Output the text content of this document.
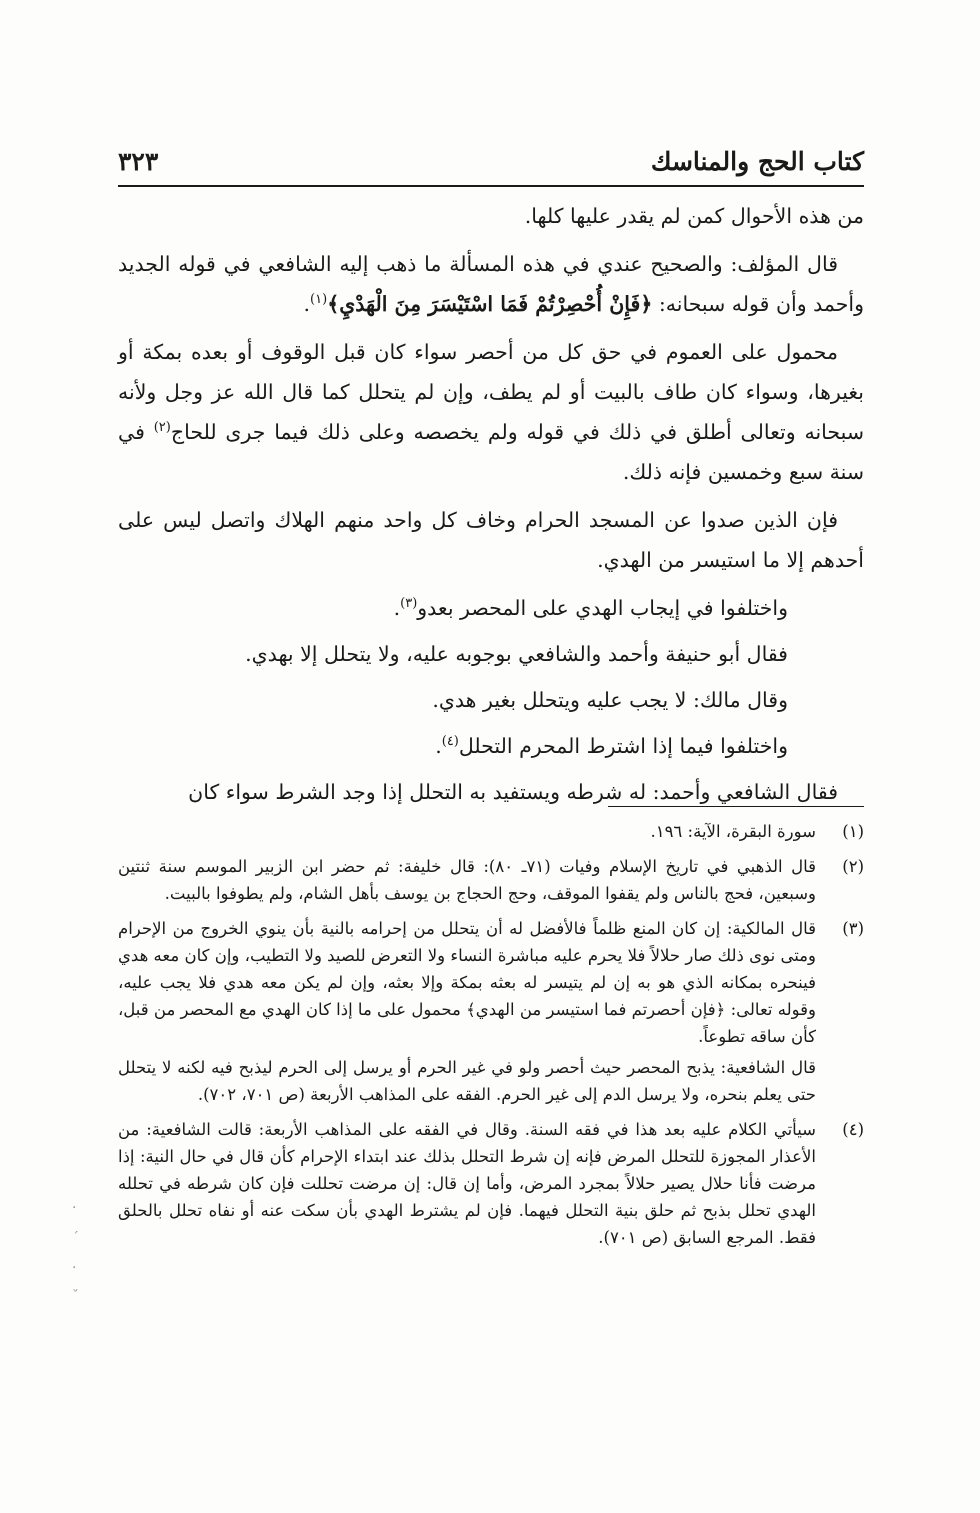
كتاب الحج والمناسك
٣٢٣

من هذه الأحوال كمن لم يقدر عليها كلها.

قال المؤلف: والصحيح عندي في هذه المسألة ما ذهب إليه الشافعي في قوله الجديد وأحمد وأن قوله سبحانه: ﴿فَإِنْ أُحْصِرْتُمْ فَمَا اسْتَيْسَرَ مِنَ الْهَدْيِ﴾$^{(١)}$.

محمول على العموم في حق كل من أحصر سواء كان قبل الوقوف أو بعده بمكة أو بغيرها، وسواء كان طاف بالبيت أو لم يطف، وإن لم يتحلل كما قال الله عز وجل ولأنه سبحانه وتعالى أطلق في ذلك في قوله ولم يخصصه وعلى ذلك فيما جرى للحاج$^{(٢)}$ في سنة سبع وخمسين فإنه ذلك.

فإن الذين صدوا عن المسجد الحرام وخاف كل واحد منهم الهلاك واتصل ليس على أحدهم إلا ما استيسر من الهدي.

واختلفوا في إيجاب الهدي على المحصر بعدو$^{(٣)}$.

فقال أبو حنيفة وأحمد والشافعي بوجوبه عليه، ولا يتحلل إلا بهدي.

وقال مالك: لا يجب عليه ويتحلل بغير هدي.

واختلفوا فيما إذا اشترط المحرم التحلل$^{(٤)}$.

فقال الشافعي وأحمد: له شرطه ويستفيد به التحلل إذا وجد الشرط سواء كان

(١)

سورة البقرة، الآية: ١٩٦.

(٢)

قال الذهبي في تاريخ الإسلام وفيات (٧١ـ ٨٠): قال خليفة: ثم حضر ابن الزبير الموسم سنة ثنتين وسبعين، فحج بالناس ولم يقفوا الموقف، وحج الحجاج بن يوسف بأهل الشام، ولم يطوفوا بالبيت.

(٣)

قال المالكية: إن كان المنع ظلماً فالأفضل له أن يتحلل من إحرامه بالنية بأن ينوي الخروج من الإحرام ومتى نوى ذلك صار حلالاً فلا يحرم عليه مباشرة النساء ولا التعرض للصيد ولا التطيب، وإن كان معه هدي فينحره بمكانه الذي هو به إن لم يتيسر له بعثه بمكة وإلا بعثه، وإن لم يكن معه هدي فلا يجب عليه، وقوله تعالى: ﴿فإن أحصرتم فما استيسر من الهدي﴾ محمول على ما إذا كان الهدي مع المحصر من قبل، كأن ساقه تطوعاً.

قال الشافعية: يذبح المحصر حيث أحصر ولو في غير الحرم أو يرسل إلى الحرم ليذبح فيه لكنه لا يتحلل حتى يعلم بنحره، ولا يرسل الدم إلى غير الحرم. الفقه على المذاهب الأربعة (ص ٧٠١، ٧٠٢).

(٤)

سيأتي الكلام عليه بعد هذا في فقه السنة. وقال في الفقه على المذاهب الأربعة: قالت الشافعية: من الأعذار المجوزة للتحلل المرض فإنه إن شرط التحلل بذلك عند ابتداء الإحرام كأن قال في حال النية: إذا مرضت فأنا حلال يصير حلالاً بمجرد المرض، وأما إن قال: إن مرضت تحللت فإن كان شرطه في تحلله الهدي تحلل بذبح ثم حلق بنية التحلل فيهما. فإن لم يشترط الهدي بأن سكت عنه أو نفاه تحلل بالحلق فقط. المرجع السابق (ص ٧٠١).

·
ˊ
·
ˇ
